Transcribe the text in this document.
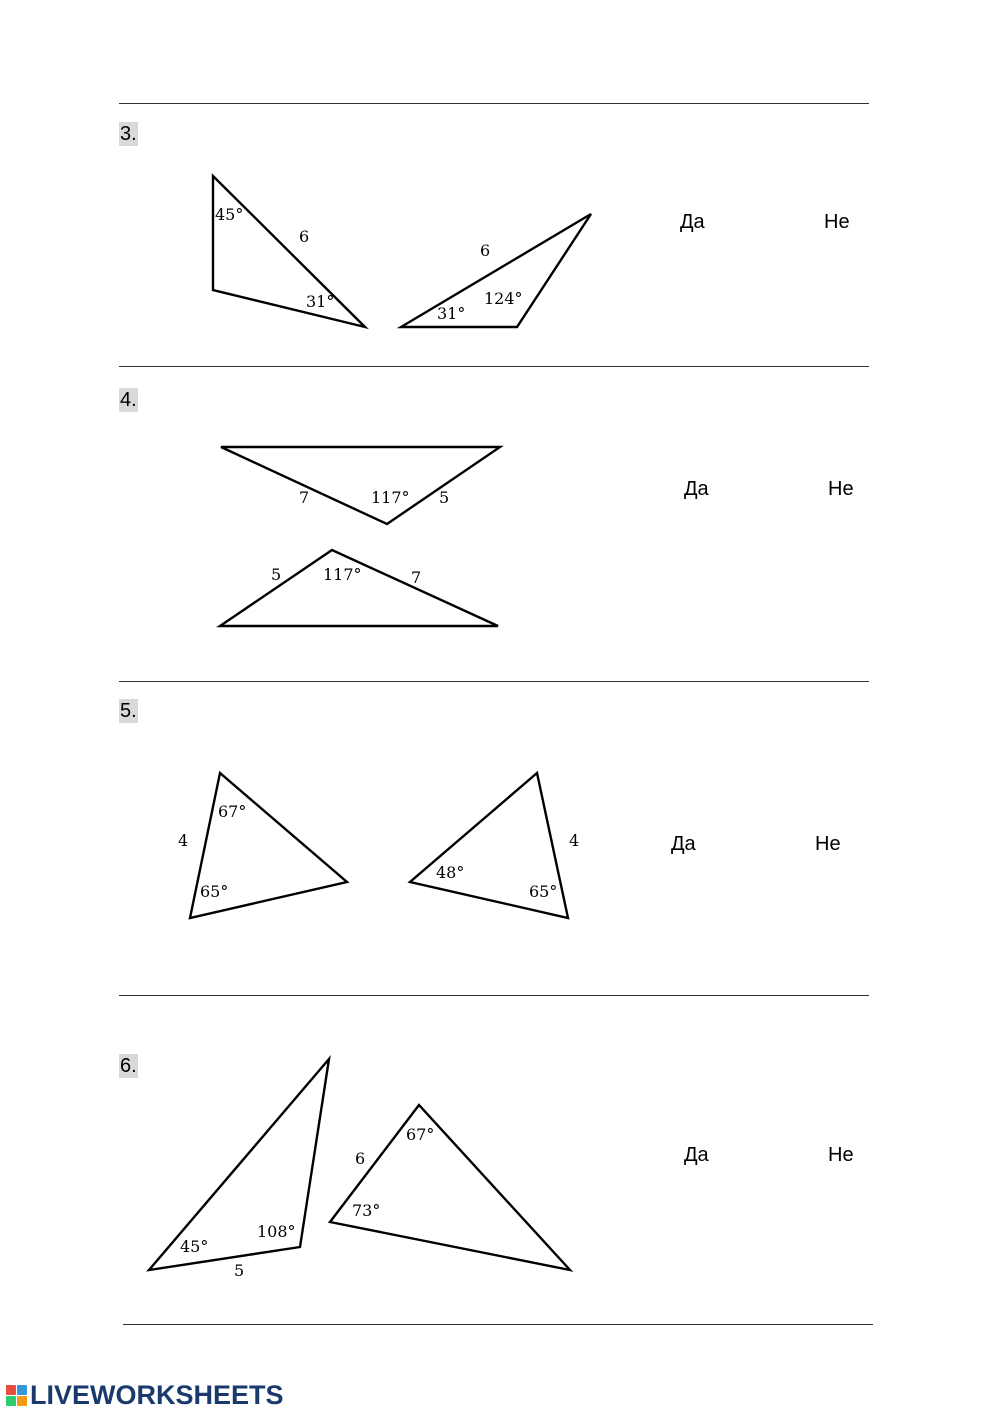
3.
Да	Не
4.
Да	Не
5.
Да	Не
6.
Да	Не
45°
6
31°
6
31°
124°
7	117° 5
5	117°	7
4
67°
65°
48°
65°
4
45°
108°
5
6
67°
73°
LIVEWORKSHEETS
